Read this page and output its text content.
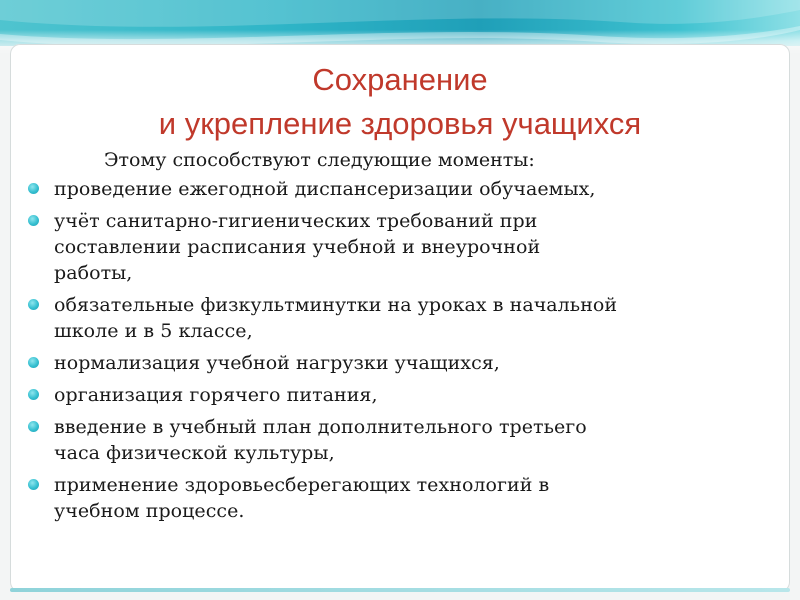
Сохранение
и укрепление здоровья учащихся
Этому способствуют следующие моменты:
проведение ежегодной диспансеризации обучаемых,
учёт санитарно-гигиенических требований при
составлении расписания учебной и внеурочной
работы,
обязательные физкультминутки на уроках в начальной
школе и в 5 классе,
нормализация учебной нагрузки учащихся,
организация горячего питания,
введение в учебный план дополнительного третьего
часа физической культуры,
применение здоровьесберегающих технологий в
учебном процессе.
